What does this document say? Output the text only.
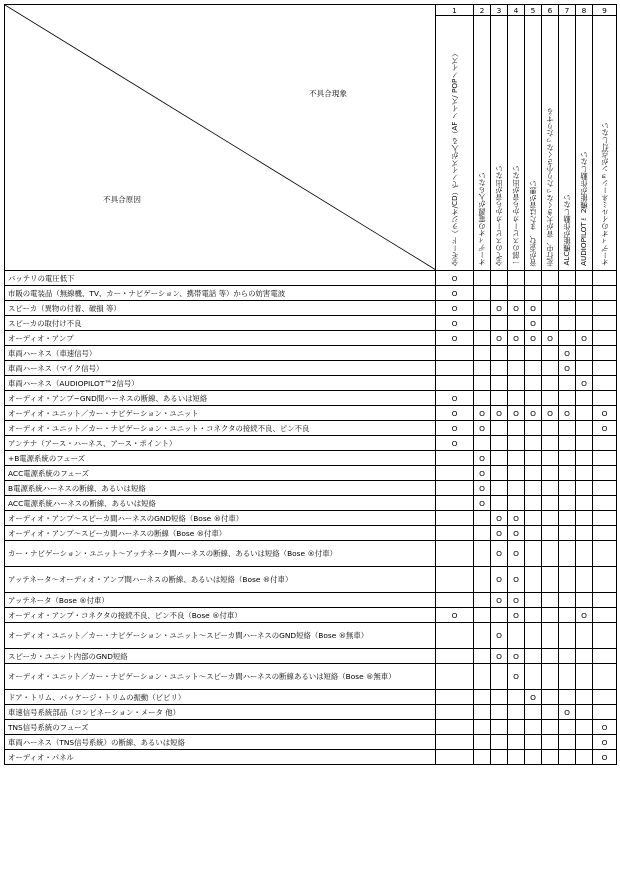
不具合現象
不具合原因	1	2	3	4	5	6	7	8	9

	全モード（ラジオ/CD）でノイズが入る（AF ノイズ/ POPノイズ）	オーディオの電源が入らない	全てのスピーカから音が出ない	一部のスピーカから音が出ない	音が歪む、または音が悪い	走行中、音が大きくなったり小さくなったりする	ALC機能が作動しない	AUDIOPILOT™2機能が作動しない	オーディオのイルミネーションが点灯しない

バッテリの電圧低下	O								
市販の電装品（無線機、TV、カー・ナビゲーション、携帯電話 等）からの妨害電波	O								
スピーカ（異物の付着、破損 等）	O		O	O	O				
スピーカの取付け不良	O				O				
オーディオ・アンプ	O		O	O	O	O		O	
車両ハーネス（車速信号）							O		
車両ハーネス（マイク信号）							O		
車両ハーネス（AUDIOPILOT™2信号）								O	
オーディオ・アンプ~GND間ハーネスの断線、あるいは短絡	O								
オーディオ・ユニット／カー・ナビゲーション・ユニット	O	O	O	O	O	O	O		O
オーディオ・ユニット／カー・ナビゲーション・ユニット・コネクタの接続不良、ピン不良	O	O							O
アンテナ（アース・ハーネス、アース・ポイント）	O								
+B電源系統のフューズ		O							
ACC電源系統のフューズ		O							
B電源系統ハーネスの断線、あるいは短絡		O							
ACC電源系統ハーネスの断線、あるいは短絡		O							
オーディオ・アンプ〜スピーカ間ハーネスのGND短絡（Bose ®付車）			O	O					
オーディオ・アンプ〜スピーカ間ハーネスの断線（Bose ®付車）			O	O					
カー・ナビゲーション・ユニット〜アッテネータ間ハーネスの断線、あるいは短絡（Bose ®付車）			O	O					
アッテネータ〜オーディオ・アンプ間ハーネスの断線、あるいは短絡（Bose ®付車）			O	O					
アッテネータ（Bose ®付車）			O	O					
オーディオ・アンプ・コネクタの接続不良、ピン不良（Bose ®付車）	O			O				O	
オーディオ・ユニット／カー・ナビゲーション・ユニット〜スピーカ間ハーネスのGND短絡（Bose ®無車）			O						
スピーカ・ユニット内部のGND短絡			O	O					
オーディオ・ユニット／カー・ナビゲーション・ユニット〜スピーカ間ハーネスの断線あるいは短絡（Bose ®無車）				O					
ドア・トリム、パッケージ・トリムの振動（ビビリ）					O				
車速信号系統部品（コンビネーション・メータ 他）							O		
TNS信号系統のフューズ									O
車両ハーネス（TNS信号系統）の断線、あるいは短絡									O
オーディオ・パネル									O
